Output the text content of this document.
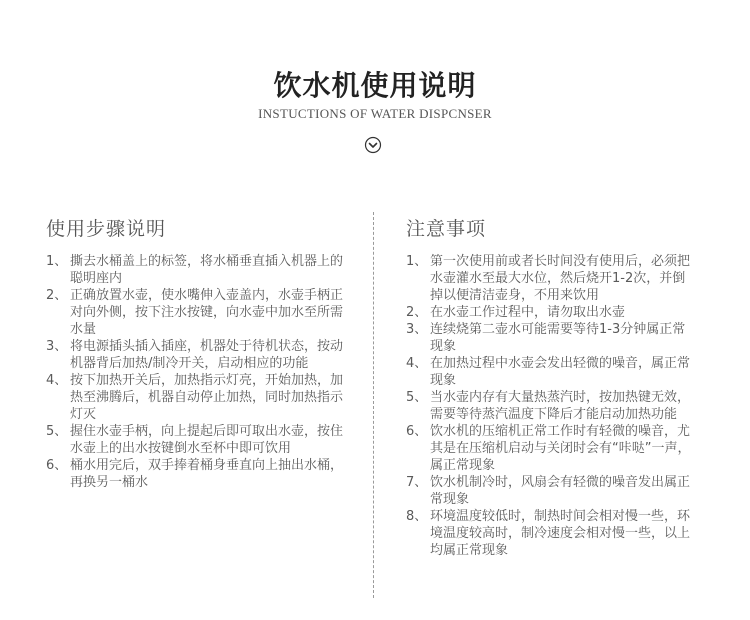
饮水机使用说明
INSTUCTIONS OF WATER DISPCNSER
使用步骤说明
1、 撕去水桶盖上的标签，将水桶垂直插入机器上的聪明座内
2、 正确放置水壶，使水嘴伸入壶盖内，水壶手柄正对向外侧，按下注水按键，向水壶中加水至所需水量
3、 将电源插头插入插座，机器处于待机状态，按动机器背后加热/制冷开关，启动相应的功能
4、 按下加热开关后，加热指示灯亮，开始加热，加热至沸腾后，机器自动停止加热，同时加热指示灯灭
5、 握住水壶手柄，向上提起后即可取出水壶，按住水壶上的出水按键倒水至杯中即可饮用
6、 桶水用完后，双手捧着桶身垂直向上抽出水桶，再换另一桶水
注意事项
1、 第一次使用前或者长时间没有使用后，必须把水壶灌水至最大水位，然后烧开1-2次，并倒掉以便清洁壶身，不用来饮用
2、 在水壶工作过程中，请勿取出水壶
3、 连续烧第二壶水可能需要等待1-3分钟属正常现象
4、 在加热过程中水壶会发出轻微的噪音，属正常现象
5、 当水壶内存有大量热蒸汽时，按加热键无效，需要等待蒸汽温度下降后才能启动加热功能
6、 饮水机的压缩机正常工作时有轻微的噪音，尤其是在压缩机启动与关闭时会有“咔哒”一声，属正常现象
7、 饮水机制冷时，风扇会有轻微的噪音发出属正常现象
8、 环境温度较低时，制热时间会相对慢一些，环境温度较高时，制冷速度会相对慢一些，以上均属正常现象
